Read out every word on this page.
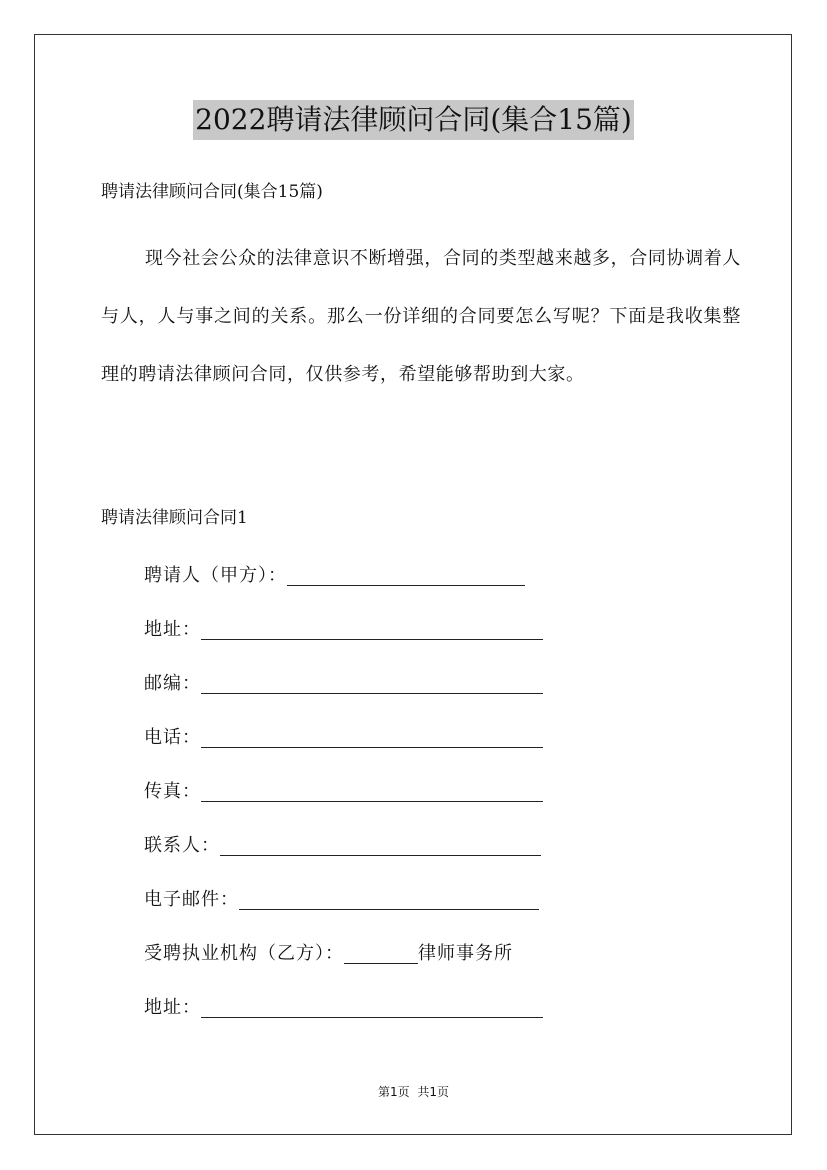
2022聘请法律顾问合同(集合15篇)
聘请法律顾问合同(集合15篇)

现今社会公众的法律意识不断增强，合同的类型越来越多，合同协调着人与人，人与事之间的关系。那么一份详细的合同要怎么写呢？下面是我收集整理的聘请法律顾问合同，仅供参考，希望能够帮助到大家。

聘请法律顾问合同1
聘请人（甲方）：
地址：
邮编：
电话：
传真：
联系人：
电子邮件：
受聘执业机构（乙方）：	律师事务所
地址：
第1页 共1页
